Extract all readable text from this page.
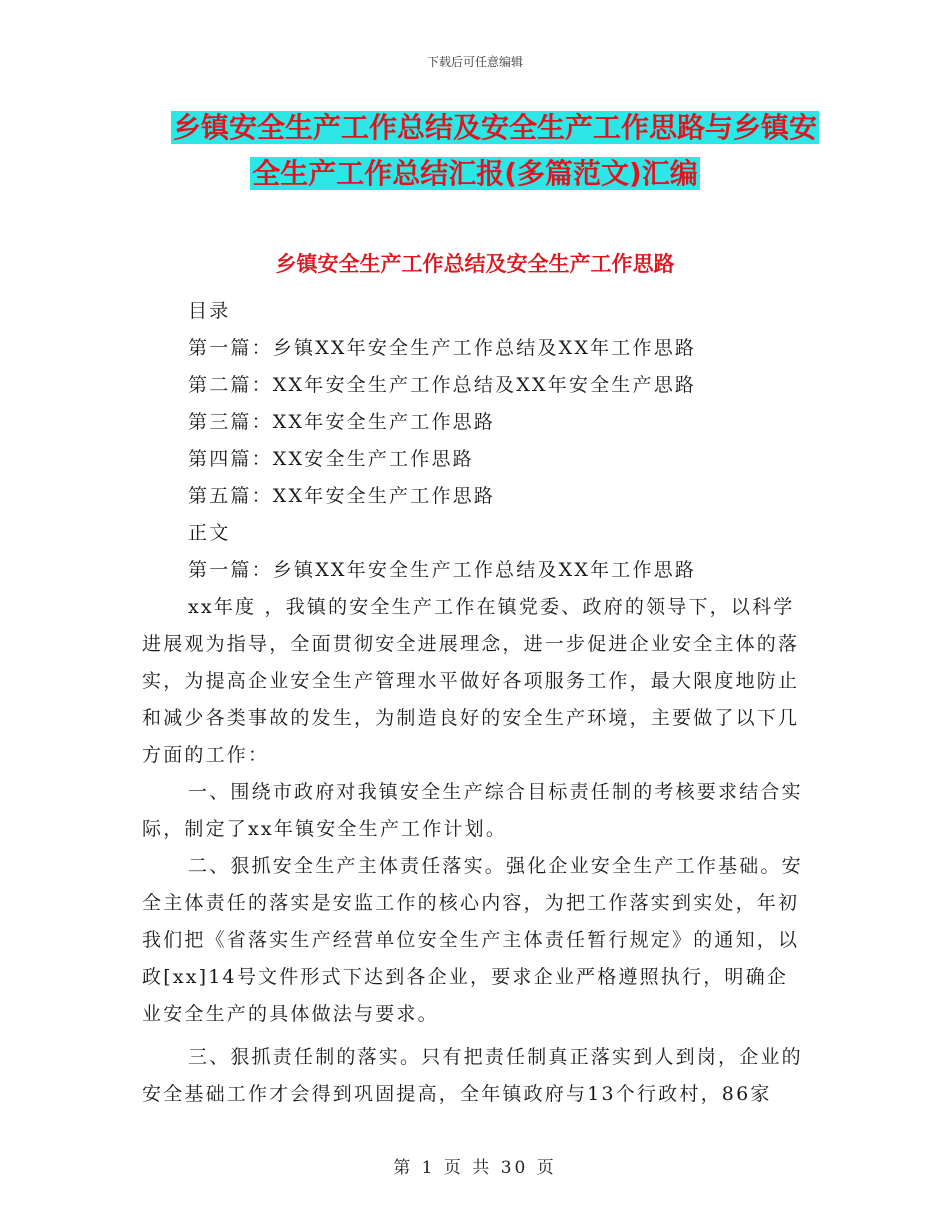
下载后可任意编辑
乡镇安全生产工作总结及安全生产工作思路与乡镇安
全生产工作总结汇报(多篇范文)汇编
乡镇安全生产工作总结及安全生产工作思路
目录
第一篇：乡镇XX年安全生产工作总结及XX年工作思路
第二篇：XX年安全生产工作总结及XX年安全生产思路
第三篇：XX年安全生产工作思路
第四篇：XX安全生产工作思路
第五篇：XX年安全生产工作思路
正文
第一篇：乡镇XX年安全生产工作总结及XX年工作思路

xx年度 ，我镇的安全生产工作在镇党委、政府的领导下，以科学进展观为指导，全面贯彻安全进展理念，进一步促进企业安全主体的落实，为提高企业安全生产管理水平做好各项服务工作，最大限度地防止和减少各类事故的发生，为制造良好的安全生产环境，主要做了以下几方面的工作：

一、围绕市政府对我镇安全生产综合目标责任制的考核要求结合实际，制定了xx年镇安全生产工作计划。

二、狠抓安全生产主体责任落实。强化企业安全生产工作基础。安全主体责任的落实是安监工作的核心内容，为把工作落实到实处，年初我们把《省落实生产经营单位安全生产主体责任暂行规定》的通知，以政[xx]14号文件形式下达到各企业，要求企业严格遵照执行，明确企业安全生产的具体做法与要求。

三、狠抓责任制的落实。只有把责任制真正落实到人到岗，企业的安全基础工作才会得到巩固提高，全年镇政府与13个行政村，86家

第 1 页 共 30 页
